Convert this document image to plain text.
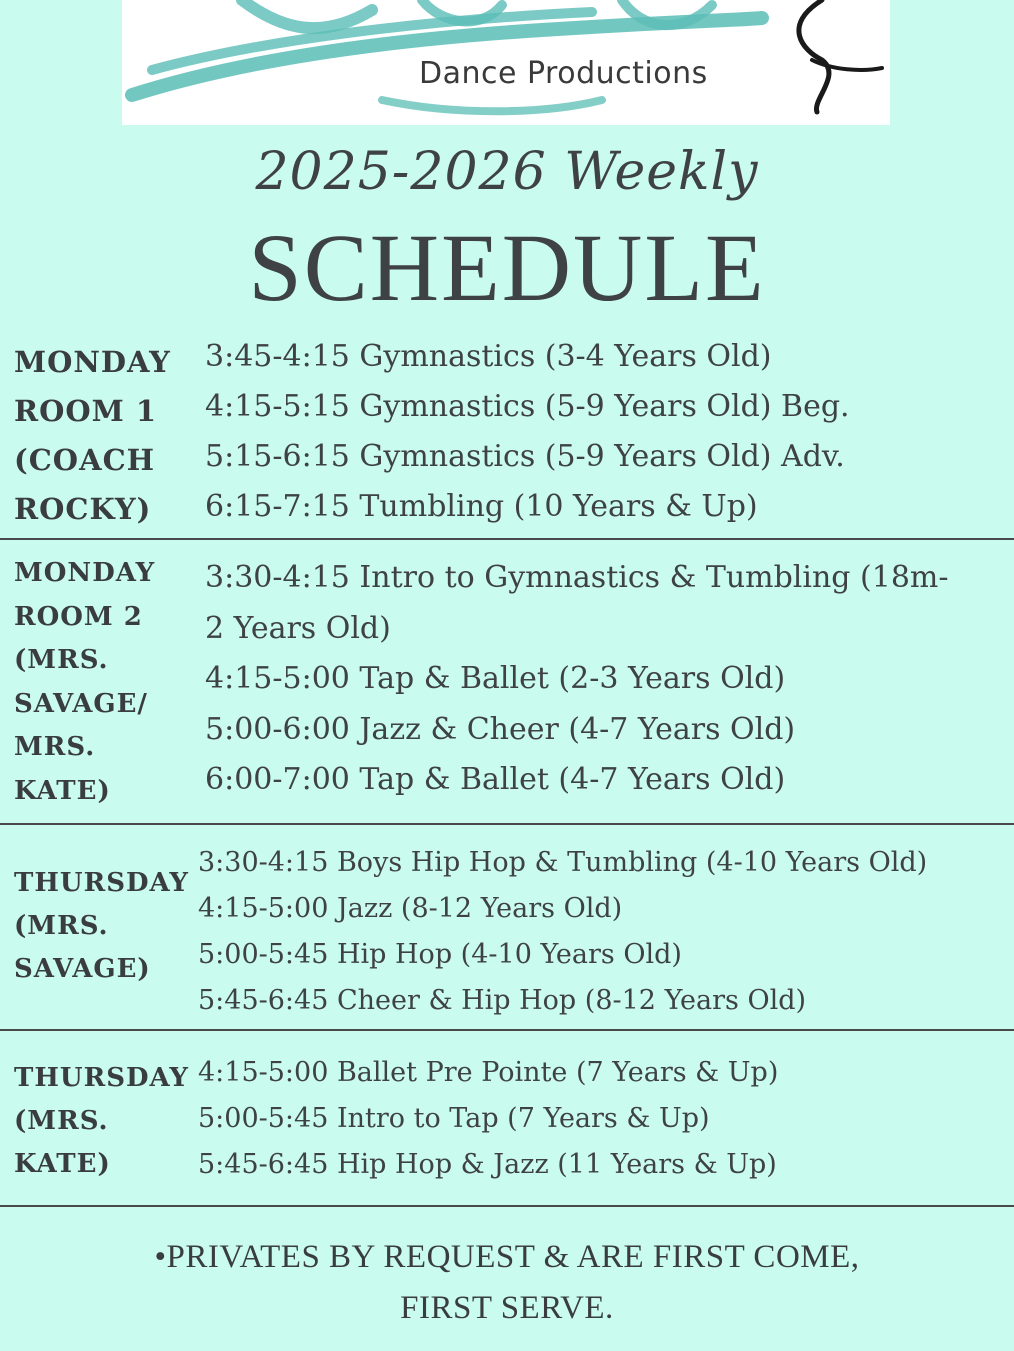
Dance Productions
2025-2026 Weekly
SCHEDULE
MONDAY
ROOM 1
(COACH
ROCKY)
3:45-4:15 Gymnastics (3-4 Years Old)
4:15-5:15 Gymnastics (5-9 Years Old) Beg.
5:15-6:15 Gymnastics (5-9 Years Old) Adv.
6:15-7:15 Tumbling (10 Years & Up)
MONDAY
ROOM 2
(MRS.
SAVAGE/
MRS.
KATE)
3:30-4:15 Intro to Gymnastics & Tumbling (18m-
2 Years Old)
4:15-5:00 Tap & Ballet (2-3 Years Old)
5:00-6:00 Jazz & Cheer (4-7 Years Old)
6:00-7:00 Tap & Ballet (4-7 Years Old)
THURSDAY
(MRS.
SAVAGE)
3:30-4:15 Boys Hip Hop & Tumbling (4-10 Years Old)
4:15-5:00 Jazz (8-12 Years Old)
5:00-5:45 Hip Hop (4-10 Years Old)
5:45-6:45 Cheer & Hip Hop (8-12 Years Old)
THURSDAY
(MRS.
KATE)
4:15-5:00 Ballet Pre Pointe (7 Years & Up)
5:00-5:45 Intro to Tap (7 Years & Up)
5:45-6:45 Hip Hop & Jazz (11 Years & Up)
•PRIVATES BY REQUEST & ARE FIRST COME,
FIRST SERVE.
